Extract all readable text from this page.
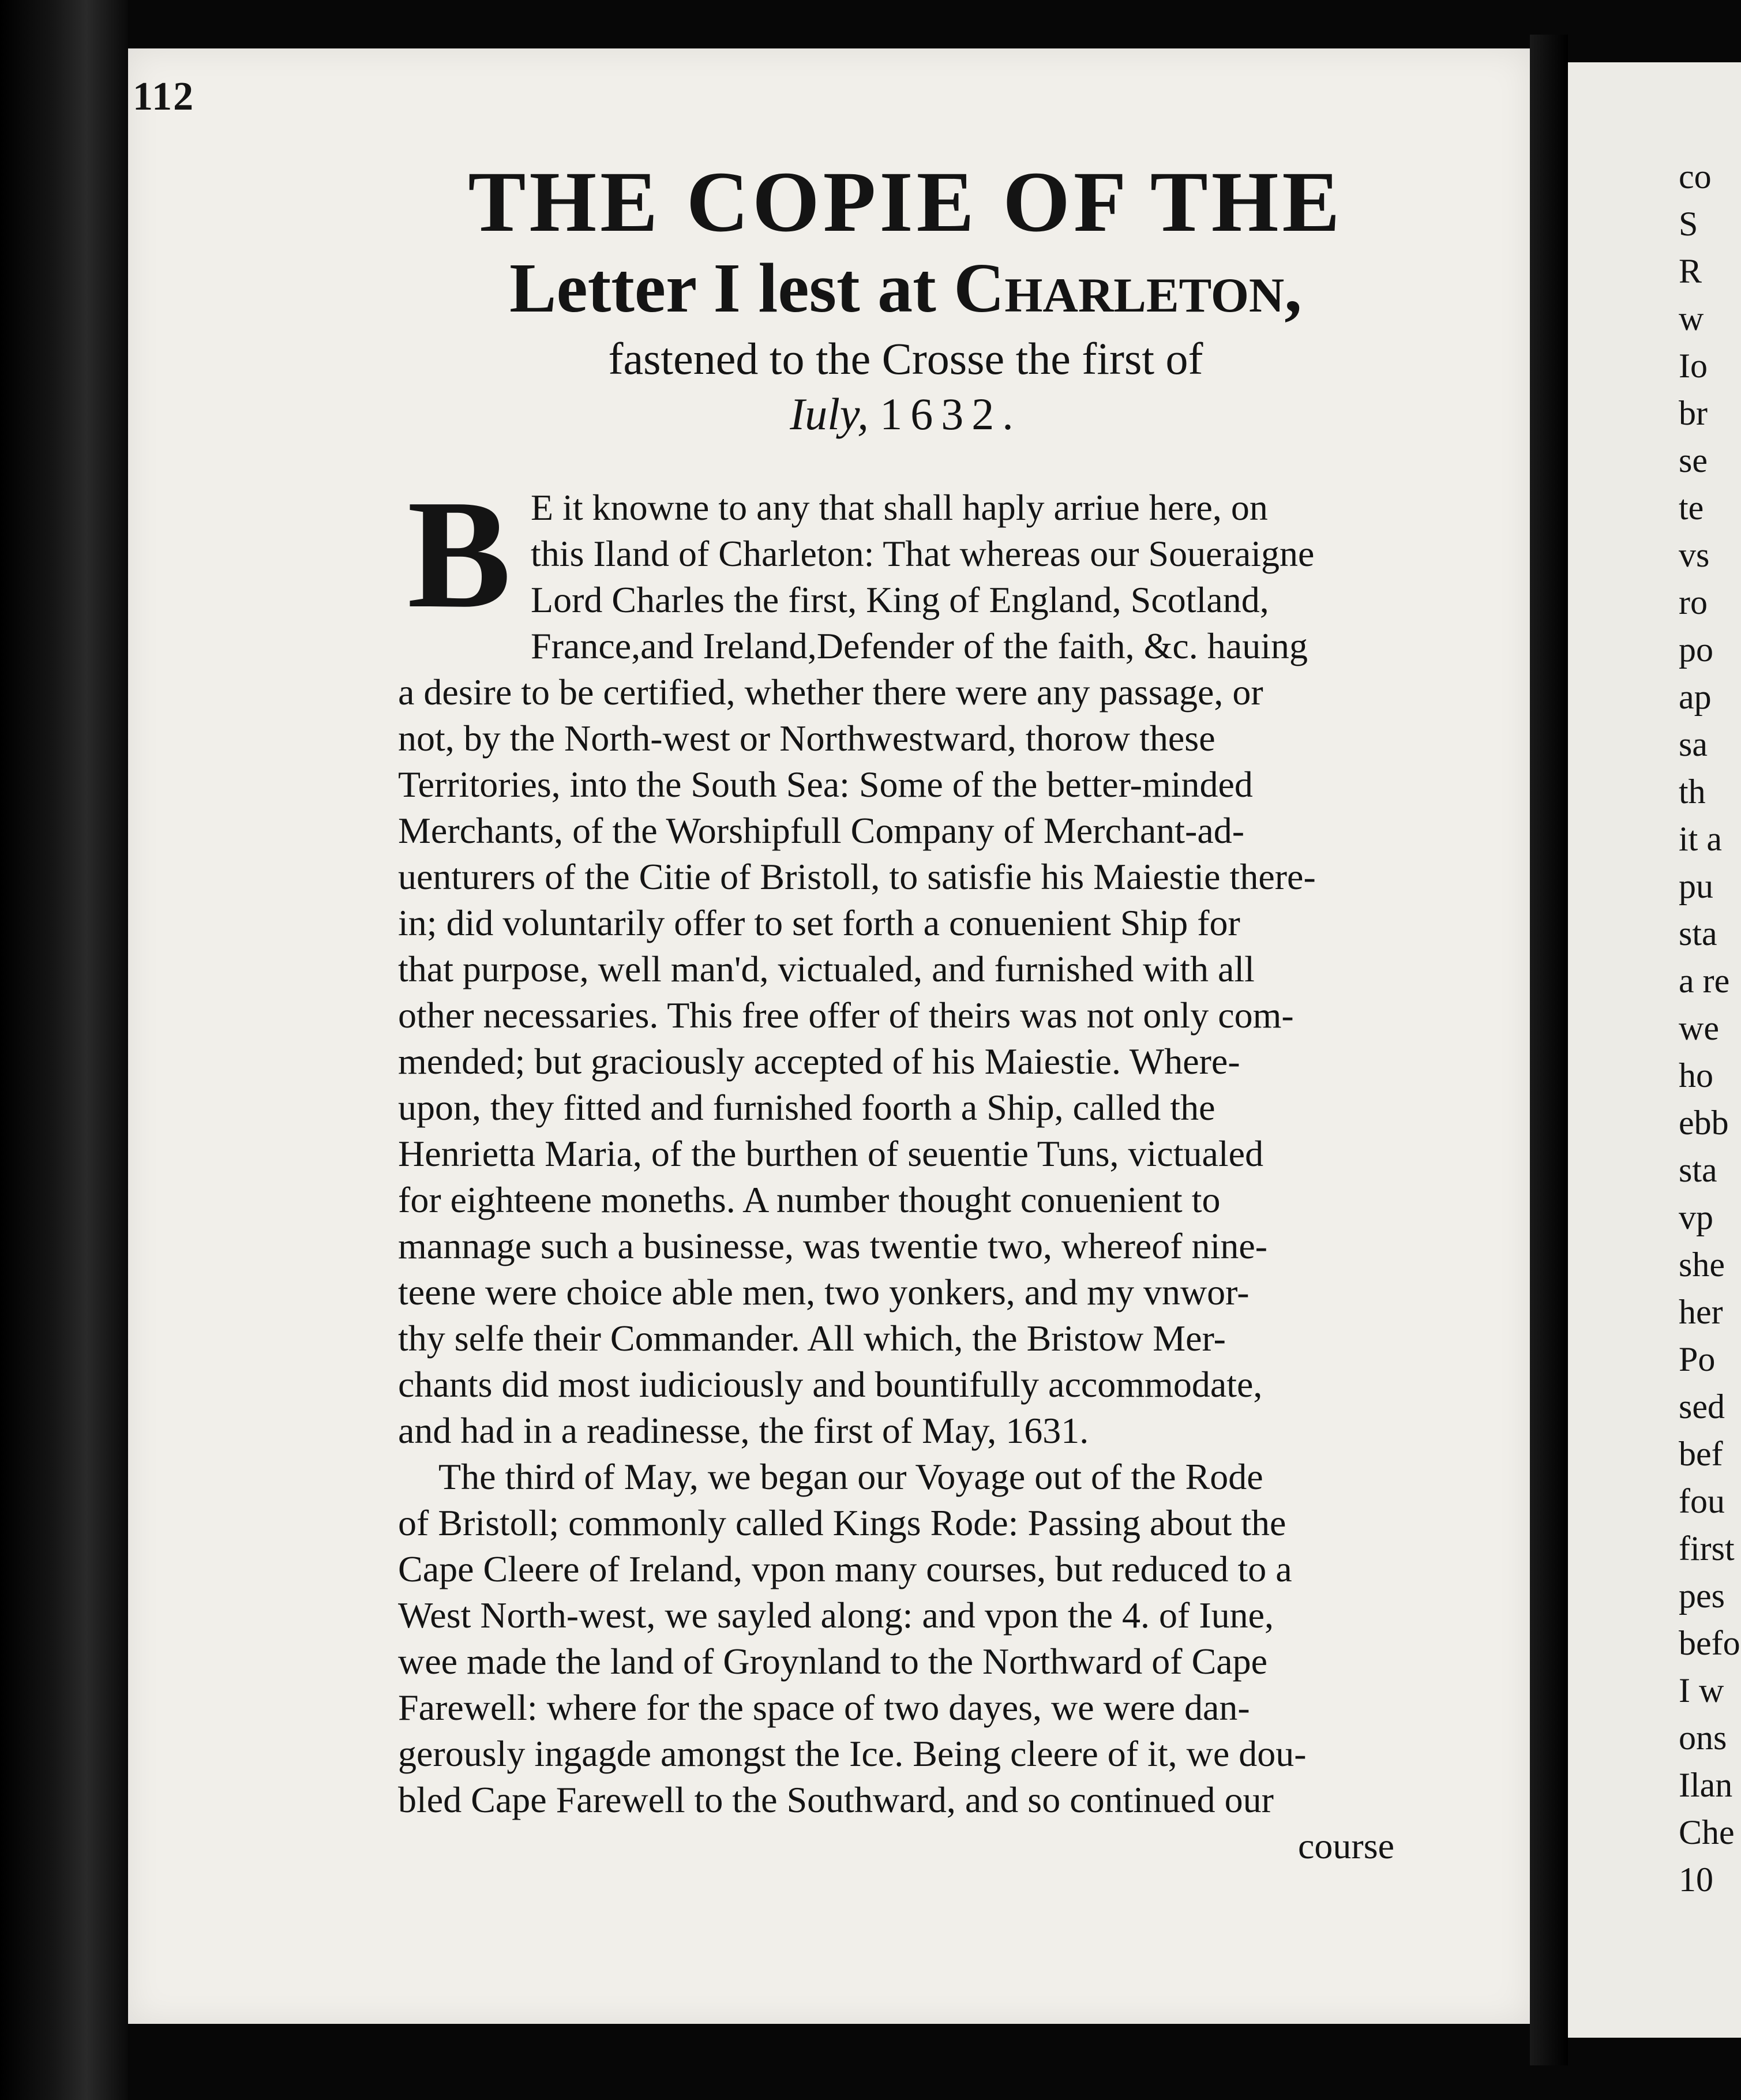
112
THE COPIE OF THE
Letter I lest at Charleton,
fastened to the Crosse the first of
Iuly, 1632.
B E it knowne to any that shall haply arriue here, on
this Iland of Charleton: That whereas our Soueraigne
Lord Charles the first, King of England, Scotland,
France,and Ireland,Defender of the faith, &c. hauing
a desire to be certified, whether there were any passage, or
not, by the North-west or Northwestward, thorow these
Territories, into the South Sea: Some of the better-minded
Merchants, of the Worshipfull Company of Merchant-ad-
uenturers of the Citie of Bristoll, to satisfie his Maiestie there-
in; did voluntarily offer to set forth a conuenient Ship for
that purpose, well man'd, victualed, and furnished with all
other necessaries. This free offer of theirs was not only com-
mended; but graciously accepted of his Maiestie. Where-
upon, they fitted and furnished foorth a Ship, called the
Henrietta Maria, of the burthen of seuentie Tuns, victualed
for eighteene moneths. A number thought conuenient to
mannage such a businesse, was twentie two, whereof nine-
teene were choice able men, two yonkers, and my vnwor-
thy selfe their Commander. All which, the Bristow Mer-
chants did most iudiciously and bountifully accommodate,
and had in a readinesse, the first of May, 1631.
The third of May, we began our Voyage out of the Rode
of Bristoll; commonly called Kings Rode: Passing about the
Cape Cleere of Ireland, vpon many courses, but reduced to a
West North-west, we sayled along: and vpon the 4. of Iune,
wee made the land of Groynland to the Northward of Cape
Farewell: where for the space of two dayes, we were dan-
gerously ingagde amongst the Ice. Being cleere of it, we dou-
bled Cape Farewell to the Southward, and so continued our
course
co
S
R
w
Io
br
se
te
vs
ro
po
ap
sa
th
it a
pu
sta
a re
we
ho
ebb
sta
vp
she
her
Po
sed
bef
fou
first
pes
befo
I w
ons
Ilan
Che
10
